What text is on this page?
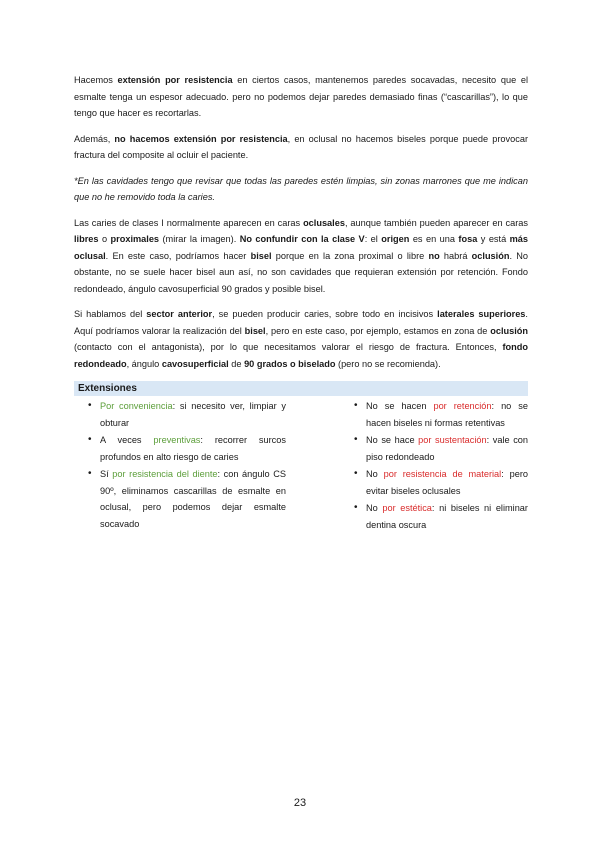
Hacemos extensión por resistencia en ciertos casos, mantenemos paredes socavadas, necesito que el esmalte tenga un espesor adecuado. pero no podemos dejar paredes demasiado finas (“cascarillas”), lo que tengo que hacer es recortarlas.

Además, no hacemos extensión por resistencia, en oclusal no hacemos biseles porque puede provocar fractura del composite al ocluir el paciente.

*En las cavidades tengo que revisar que todas las paredes estén limpias, sin zonas marrones que me indican que no he removido toda la caries.

Las caries de clases I normalmente aparecen en caras oclusales, aunque también pueden aparecer en caras libres o proximales (mirar la imagen). No confundir con la clase V: el origen es en una fosa y está más oclusal. En este caso, podríamos hacer bisel porque en la zona proximal o libre no habrá oclusión. No obstante, no se suele hacer bisel aun así, no son cavidades que requieran extensión por retención. Fondo redondeado, ángulo cavosuperficial 90 grados y posible bisel.

Si hablamos del sector anterior, se pueden producir caries, sobre todo en incisivos laterales superiores. Aquí podríamos valorar la realización del bisel, pero en este caso, por ejemplo, estamos en zona de oclusión (contacto con el antagonista), por lo que necesitamos valorar el riesgo de fractura. Entonces, fondo redondeado, ángulo cavosuperficial de 90 grados o biselado (pero no se recomienda).

Extensiones
• Por conveniencia: si necesito ver, limpiar y obturar
• A veces preventivas: recorrer surcos profundos en alto riesgo de caries
• Sí por resistencia del diente: con ángulo CS 90º, eliminamos cascarillas de esmalte en oclusal, pero podemos dejar esmalte socavado
• No se hacen por retención: no se hacen biseles ni formas retentivas
• No se hace por sustentación: vale con piso redondeado
• No por resistencia de material: pero evitar biseles oclusales
• No por estética: ni biseles ni eliminar dentina oscura
23
